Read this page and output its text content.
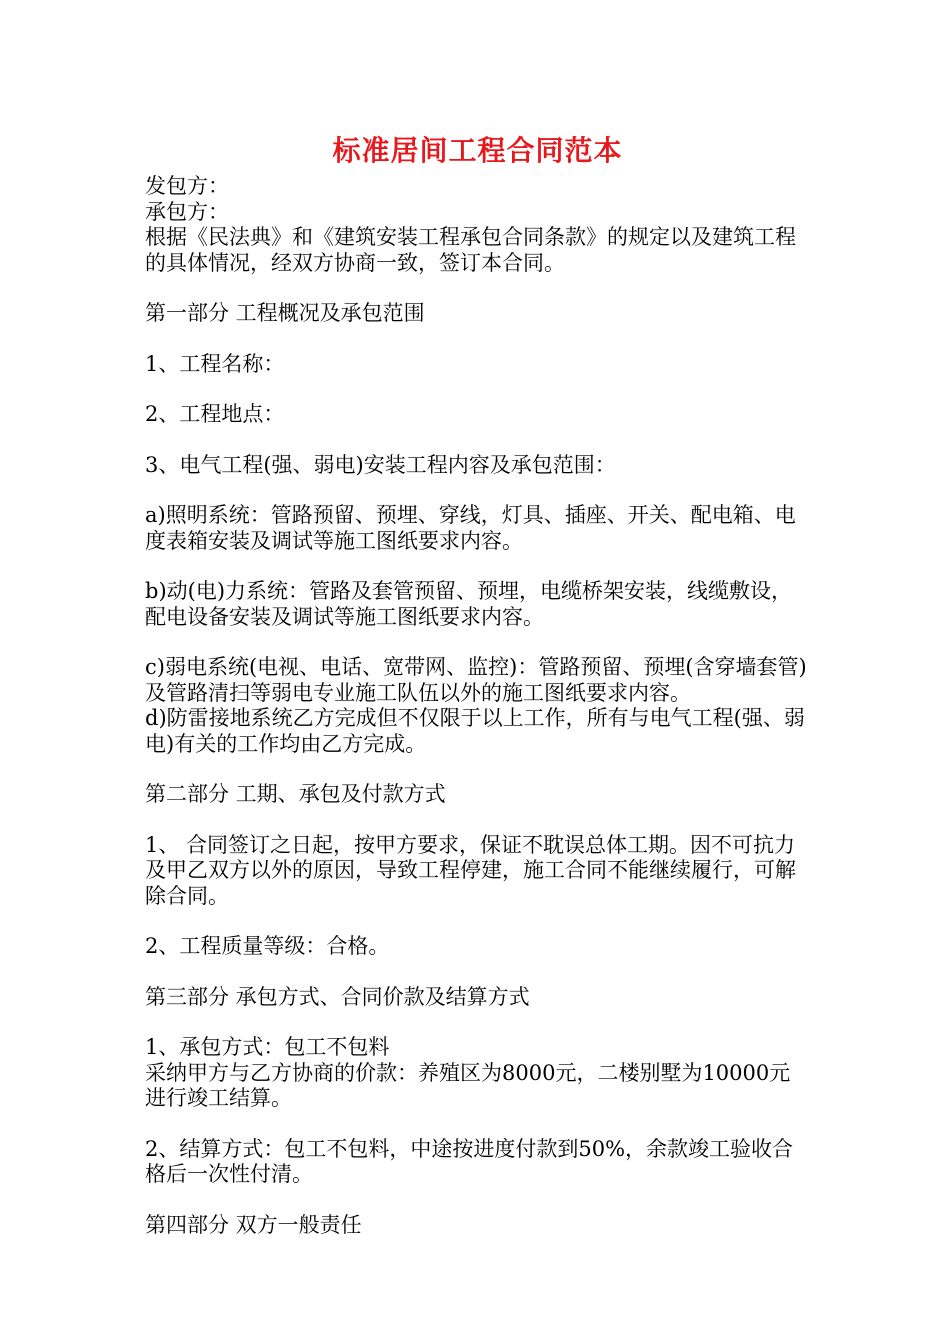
标准居间工程合同范本

发包方：

承包方：

根据《民法典》和《建筑安装工程承包合同条款》的规定以及建筑工程的具体情况，经双方协商一致，签订本合同。

第一部分 工程概况及承包范围

1、工程名称：

2、工程地点：

3、电气工程(强、弱电)安装工程内容及承包范围：

a)照明系统：管路预留、预埋、穿线，灯具、插座、开关、配电箱、电度表箱安装及调试等施工图纸要求内容。

b)动(电)力系统：管路及套管预留、预埋，电缆桥架安装，线缆敷设，配电设备安装及调试等施工图纸要求内容。

c)弱电系统(电视、电话、宽带网、监控)：管路预留、预埋(含穿墙套管)及管路清扫等弱电专业施工队伍以外的施工图纸要求内容。

d)防雷接地系统乙方完成但不仅限于以上工作，所有与电气工程(强、弱电)有关的工作均由乙方完成。

第二部分 工期、承包及付款方式

1、 合同签订之日起，按甲方要求，保证不耽误总体工期。因不可抗力及甲乙双方以外的原因，导致工程停建，施工合同不能继续履行，可解除合同。

2、工程质量等级：合格。

第三部分 承包方式、合同价款及结算方式

1、承包方式：包工不包料

采纳甲方与乙方协商的价款：养殖区为8000元，二楼别墅为10000元进行竣工结算。

2、结算方式：包工不包料，中途按进度付款到50%，余款竣工验收合格后一次性付清。

第四部分 双方一般责任
